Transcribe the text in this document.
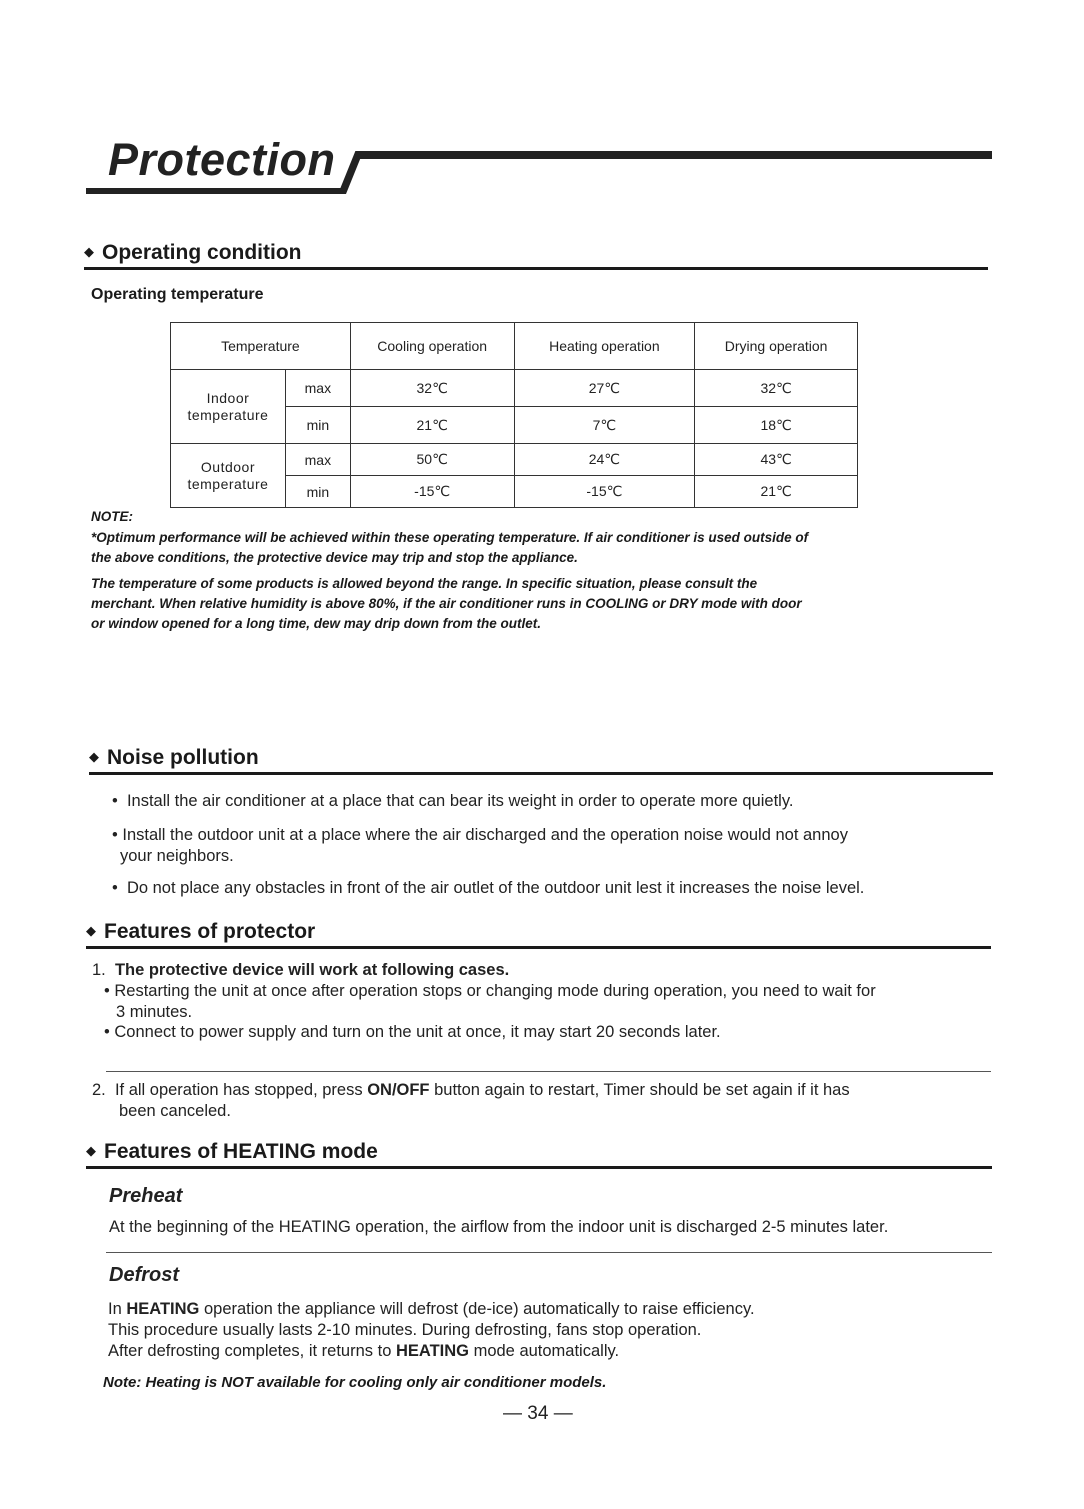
Protection
◆ Operating condition
Operating temperature
Temperature		Cooling operation	Heating operation	Drying operation
Indoor
temperature	max	32℃	27℃	32℃
	min	21℃	7℃	18℃
Outdoor
temperature	max	50℃	24℃	43℃
	min	-15℃	-15℃	21℃
NOTE:
*Optimum performance will be achieved within these operating temperature. If air conditioner is used outside of
the above conditions, the protective device may trip and stop the appliance.
The temperature of some products is allowed beyond the range. In specific situation, please consult the
merchant. When relative humidity is above 80%, if the air conditioner runs in COOLING or DRY mode with door
or window opened for a long time, dew may drip down from the outlet.
◆ Noise pollution
•  Install the air conditioner at a place that can bear its weight in order to operate more quietly.
• Install the outdoor unit at a place where the air discharged and the operation noise would not annoy
your neighbors.
•  Do not place any obstacles in front of the air outlet of the outdoor unit lest it increases the noise level.
◆ Features of protector
1. The protective device will work at following cases.
• Restarting the unit at once after operation stops or changing mode during operation, you need to wait for
3 minutes.
• Connect to power supply and turn on the unit at once, it may start 20 seconds later.
2. If all operation has stopped, press ON/OFF button again to restart, Timer should be set again if it has
been canceled.
◆ Features of HEATING mode
Preheat
At the beginning of the HEATING operation, the airflow from the indoor unit is discharged 2-5 minutes later.
Defrost
In HEATING operation the appliance will defrost (de-ice) automatically to raise efficiency.
This procedure usually lasts 2-10 minutes. During defrosting, fans stop operation.
After defrosting completes, it returns to HEATING mode automatically.
Note: Heating is NOT available for cooling only air conditioner models.
— 34 —
